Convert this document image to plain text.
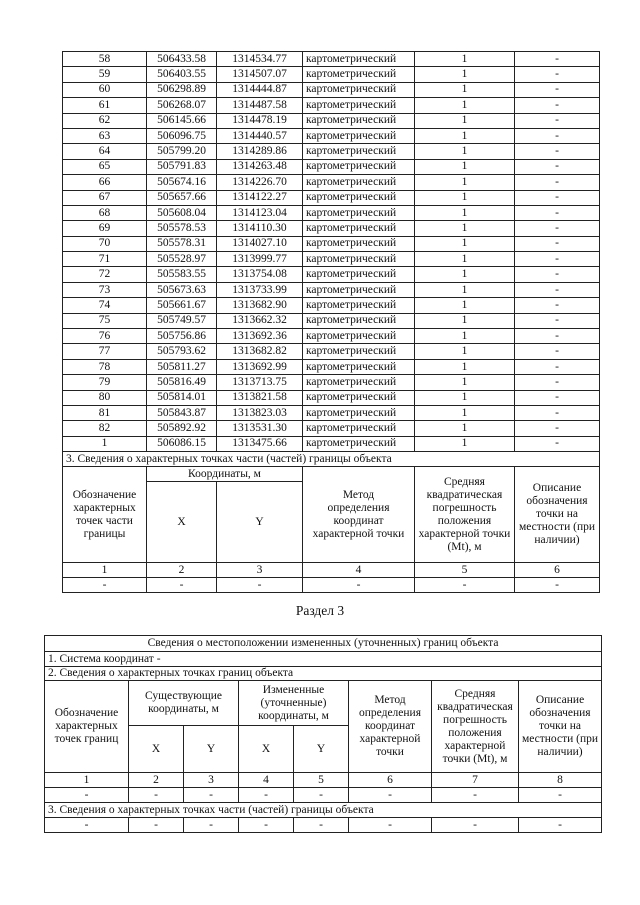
58	506433.58	1314534.77	картометрический	1	-
59	506403.55	1314507.07	картометрический	1	-
60	506298.89	1314444.87	картометрический	1	-
61	506268.07	1314487.58	картометрический	1	-
62	506145.66	1314478.19	картометрический	1	-
63	506096.75	1314440.57	картометрический	1	-
64	505799.20	1314289.86	картометрический	1	-
65	505791.83	1314263.48	картометрический	1	-
66	505674.16	1314226.70	картометрический	1	-
67	505657.66	1314122.27	картометрический	1	-
68	505608.04	1314123.04	картометрический	1	-
69	505578.53	1314110.30	картометрический	1	-
70	505578.31	1314027.10	картометрический	1	-
71	505528.97	1313999.77	картометрический	1	-
72	505583.55	1313754.08	картометрический	1	-
73	505673.63	1313733.99	картометрический	1	-
74	505661.67	1313682.90	картометрический	1	-
75	505749.57	1313662.32	картометрический	1	-
76	505756.86	1313692.36	картометрический	1	-
77	505793.62	1313682.82	картометрический	1	-
78	505811.27	1313692.99	картометрический	1	-
79	505816.49	1313713.75	картометрический	1	-
80	505814.01	1313821.58	картометрический	1	-
81	505843.87	1313823.03	картометрический	1	-
82	505892.92	1313531.30	картометрический	1	-
1	506086.15	1313475.66	картометрический	1	-
3. Сведения о характерных точках части (частей) границы объекта					
Обозначение характерных точек части границы	Координаты, м		Метод определения координат характерной точки	Средняя квадратическая погрешность положения характерной точки (Mt), м	Описание обозначения точки на местности (при наличии)
	X	Y			
1	2	3	4	5	6
-	-	-	-	-	-
Раздел 3
Сведения о местоположении измененных (уточненных) границ объекта							
1. Система координат -							
2. Сведения о характерных точках границ объекта							
Обозначение характерных точек границ	Существующие координаты, м		Измененные (уточненные) координаты, м		Метод определения координат характерной точки	Средняя квадратическая погрешность положения характерной точки (Mt), м	Описание обозначения точки на местности (при наличии)
	X	Y	X	Y			
1	2	3	4	5	6	7	8
-	-	-	-	-	-	-	-
3. Сведения о характерных точках части (частей) границы объекта							
-	-	-	-	-	-	-	-
